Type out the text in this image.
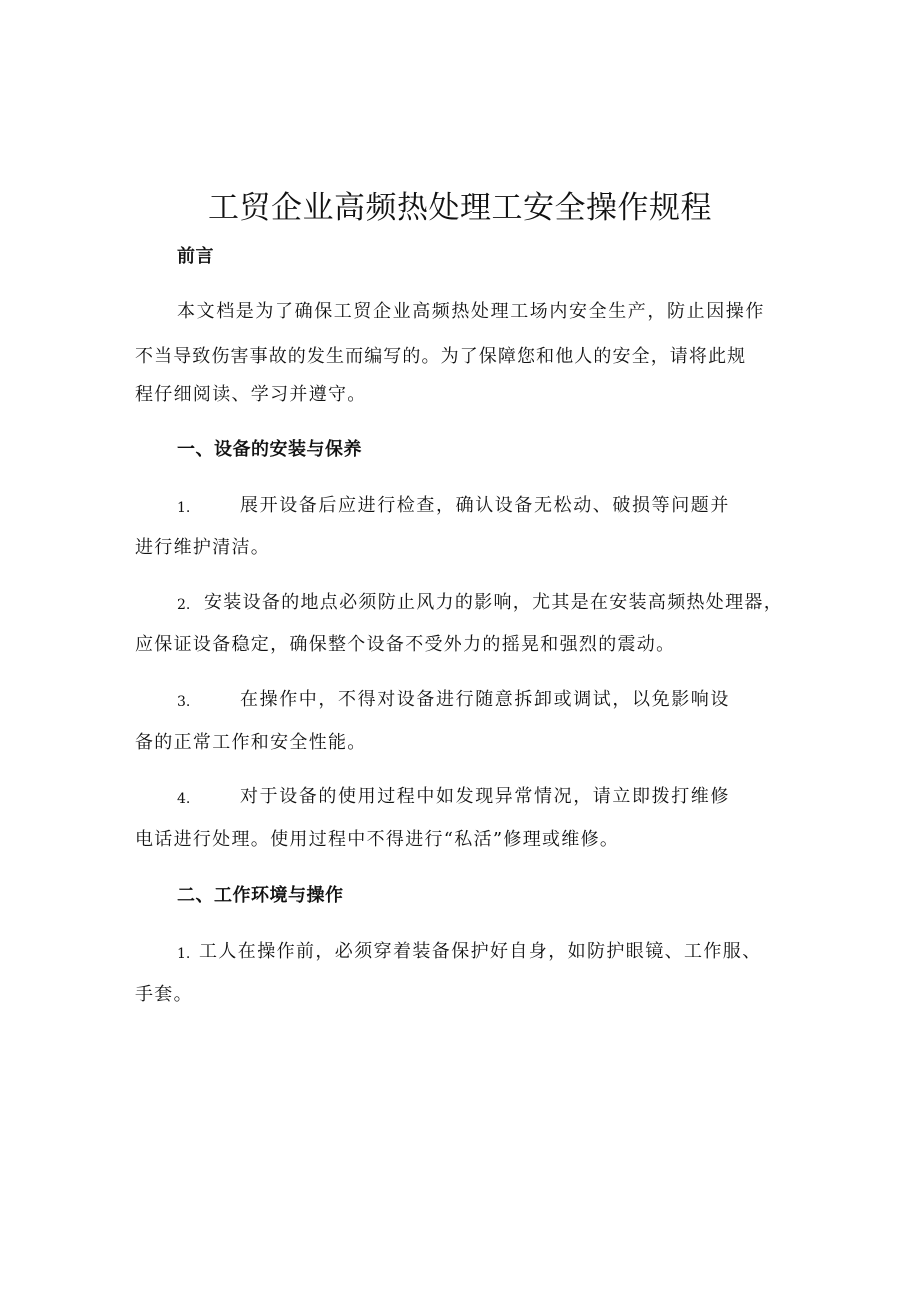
工贸企业高频热处理工安全操作规程
前言
本文档是为了确保工贸企业高频热处理工场内安全生产，防止因操作
不当导致伤害事故的发生而编写的。为了保障您和他人的安全，请将此规
程仔细阅读、学习并遵守。
一、设备的安装与保养
1.	展开设备后应进行检查，确认设备无松动、破损等问题并
进行维护清洁。
2. 安装设备的地点必须防止风力的影响，尤其是在安装高频热处理器，
应保证设备稳定，确保整个设备不受外力的摇晃和强烈的震动。
3.	在操作中，不得对设备进行随意拆卸或调试，以免影响设
备的正常工作和安全性能。
4.	对于设备的使用过程中如发现异常情况，请立即拨打维修
电话进行处理。使用过程中不得进行“私活”修理或维修。
二、工作环境与操作
1. 工人在操作前，必须穿着装备保护好自身，如防护眼镜、工作服、
手套。
